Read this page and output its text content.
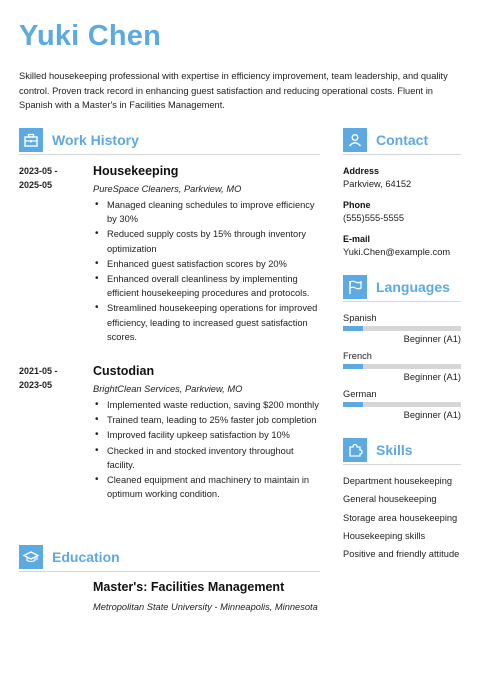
Yuki Chen
Skilled housekeeping professional with expertise in efficiency improvement, team leadership, and quality control. Proven track record in enhancing guest satisfaction and reducing operational costs. Fluent in Spanish with a Master's in Facilities Management.
Work History
2023-05 -
2025-05
Housekeeping
PureSpace Cleaners, Parkview, MO
• Managed cleaning schedules to improve efficiency by 30%
• Reduced supply costs by 15% through inventory optimization
• Enhanced guest satisfaction scores by 20%
• Enhanced overall cleanliness by implementing efficient housekeeping procedures and protocols.
• Streamlined housekeeping operations for improved efficiency, leading to increased guest satisfaction scores.
2021-05 -
2023-05
Custodian
BrightClean Services, Parkview, MO
• Implemented waste reduction, saving $200 monthly
• Trained team, leading to 25% faster job completion
• Improved facility upkeep satisfaction by 10%
• Checked in and stocked inventory throughout facility.
• Cleaned equipment and machinery to maintain in optimum working condition.
Education
Master's: Facilities Management
Metropolitan State University - Minneapolis, Minnesota
Contact
Address
Parkview, 64152
Phone
(555)555-5555
E-mail
Yuki.Chen@example.com
Languages
Spanish
Beginner (A1)
French
Beginner (A1)
German
Beginner (A1)
Skills
Department housekeeping
General housekeeping
Storage area housekeeping
Housekeeping skills
Positive and friendly attitude
